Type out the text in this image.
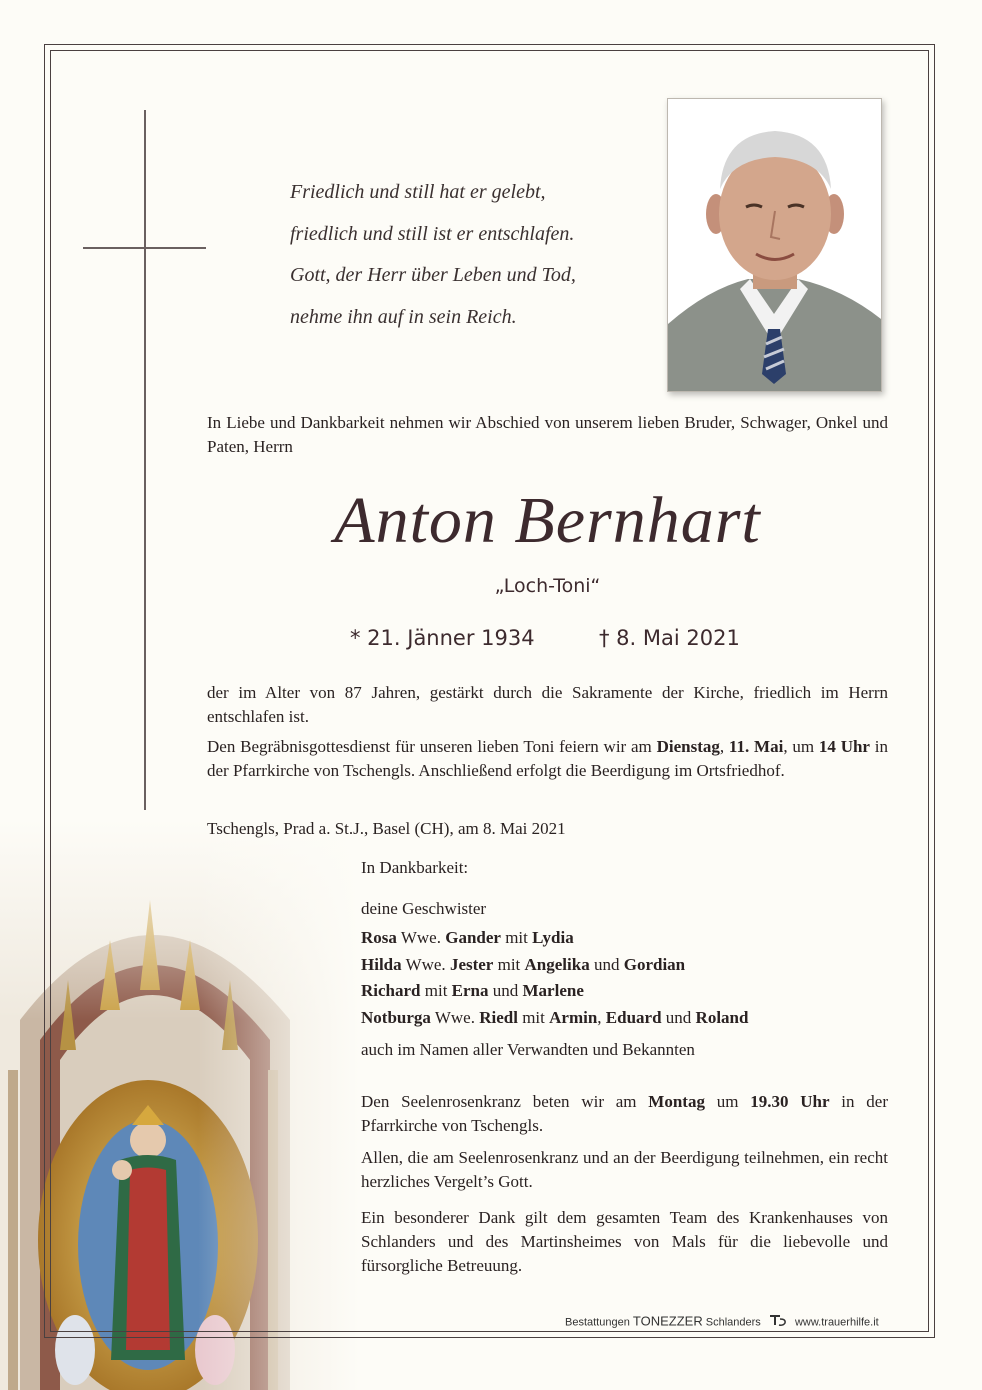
Friedlich und still hat er gelebt,
friedlich und still ist er entschlafen.
Gott, der Herr über Leben und Tod,
nehme ihn auf in sein Reich.
In Liebe und Dankbarkeit nehmen wir Abschied von unserem lieben Bruder, Schwager, Onkel und Paten, Herrn
Anton Bernhart
„Loch-Toni“
* 21. Jänner 1934	† 8. Mai 2021
der im Alter von 87 Jahren, gestärkt durch die Sakramente der Kirche, friedlich im Herrn entschlafen ist.
Den Begräbnisgottesdienst für unseren lieben Toni feiern wir am Dienstag, 11. Mai, um 14 Uhr in der Pfarrkirche von Tschengls. Anschließend erfolgt die Beerdigung im Ortsfriedhof.
Tschengls, Prad a. St.J., Basel (CH), am 8. Mai 2021
In Dankbarkeit:
deine Geschwister
Rosa Wwe. Gander mit Lydia
Hilda Wwe. Jester mit Angelika und Gordian
Richard mit Erna und Marlene
Notburga Wwe. Riedl mit Armin, Eduard und Roland
auch im Namen aller Verwandten und Bekannten
Den Seelenrosenkranz beten wir am Montag um 19.30 Uhr in der Pfarrkirche von Tschengls.
Allen, die am Seelenrosenkranz und an der Beerdigung teilnehmen, ein recht herzliches Vergelt’s Gott.
Ein besonderer Dank gilt dem gesamten Team des Krankenhauses von Schlanders und des Martinsheimes von Mals für die liebevolle und fürsorgliche Betreuung.
Bestattungen TONEZZER Schlanders	www.trauerhilfe.it
